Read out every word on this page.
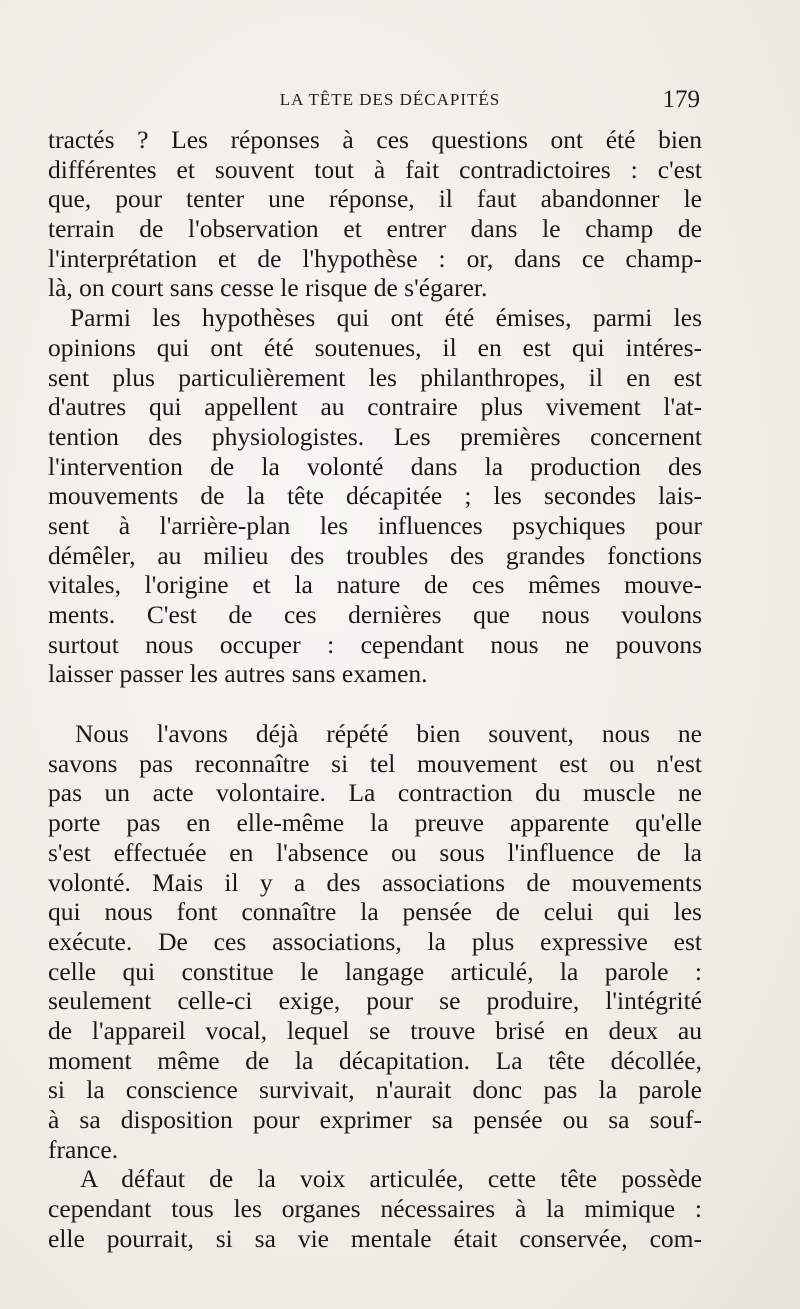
LA TÊTE DES DÉCAPITÉS	179
tractés ? Les réponses à ces questions ont été bien
différentes et souvent tout à fait contradictoires : c'est
que, pour tenter une réponse, il faut abandonner le
terrain de l'observation et entrer dans le champ de
l'interprétation et de l'hypothèse : or, dans ce champ-
là, on court sans cesse le risque de s'égarer.
Parmi les hypothèses qui ont été émises, parmi les
opinions qui ont été soutenues, il en est qui intéres-
sent plus particulièrement les philanthropes, il en est
d'autres qui appellent au contraire plus vivement l'at-
tention des physiologistes. Les premières concernent
l'intervention de la volonté dans la production des
mouvements de la tête décapitée ; les secondes lais-
sent à l'arrière-plan les influences psychiques pour
démêler, au milieu des troubles des grandes fonctions
vitales, l'origine et la nature de ces mêmes mouve-
ments. C'est de ces dernières que nous voulons
surtout nous occuper : cependant nous ne pouvons
laisser passer les autres sans examen.
Nous l'avons déjà répété bien souvent, nous ne
savons pas reconnaître si tel mouvement est ou n'est
pas un acte volontaire. La contraction du muscle ne
porte pas en elle-même la preuve apparente qu'elle
s'est effectuée en l'absence ou sous l'influence de la
volonté. Mais il y a des associations de mouvements
qui nous font connaître la pensée de celui qui les
exécute. De ces associations, la plus expressive est
celle qui constitue le langage articulé, la parole :
seulement celle-ci exige, pour se produire, l'intégrité
de l'appareil vocal, lequel se trouve brisé en deux au
moment même de la décapitation. La tête décollée,
si la conscience survivait, n'aurait donc pas la parole
à sa disposition pour exprimer sa pensée ou sa souf-
france.
A défaut de la voix articulée, cette tête possède
cependant tous les organes nécessaires à la mimique :
elle pourrait, si sa vie mentale était conservée, com-
